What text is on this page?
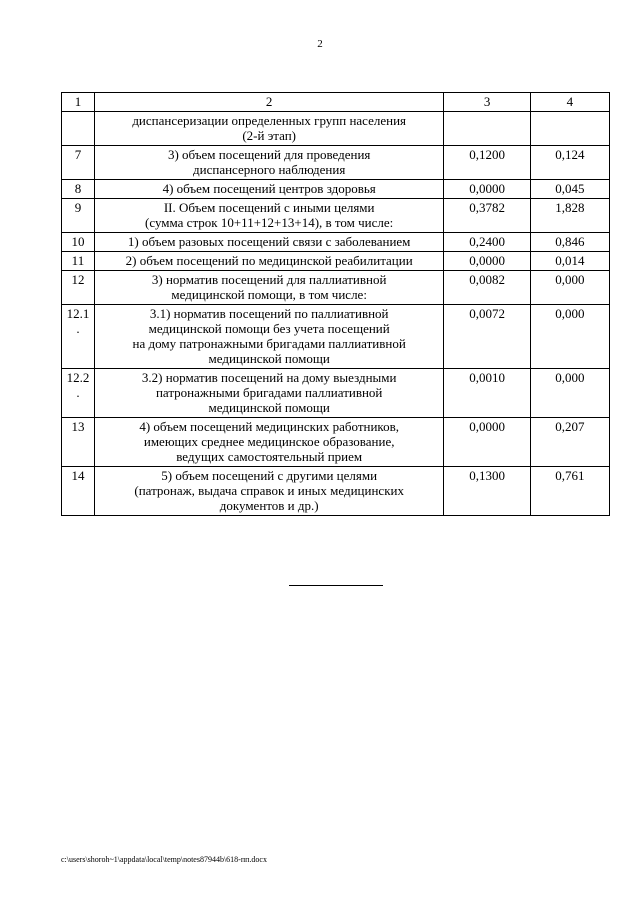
2
1	2	3	4
	диспансеризации определенных групп населения
(2-й этап)		
7	3) объем посещений для проведения
диспансерного наблюдения	0,1200	0,124
8	4) объем посещений центров здоровья	0,0000	0,045
9	II. Объем посещений с иными целями
(сумма строк 10+11+12+13+14), в том числе:	0,3782	1,828
10	1) объем разовых посещений связи с заболеванием	0,2400	0,846
11	2) объем посещений по медицинской реабилитации	0,0000	0,014
12	3) норматив посещений для паллиативной
медицинской помощи, в том числе:	0,0082	0,000
12.1.	3.1) норматив посещений по паллиативной
медицинской помощи без учета посещений
на дому патронажными бригадами паллиативной
медицинской помощи	0,0072	0,000
12.2.	3.2) норматив посещений на дому выездными
патронажными бригадами паллиативной
медицинской помощи	0,0010	0,000
13	4) объем посещений медицинских работников,
имеющих среднее медицинское образование,
ведущих самостоятельный прием	0,0000	0,207
14	5) объем посещений с другими целями
(патронаж, выдача справок и иных медицинских
документов и др.)	0,1300	0,761
c:\users\shoroh~1\appdata\local\temp\notes87944b\618-пп.docx
